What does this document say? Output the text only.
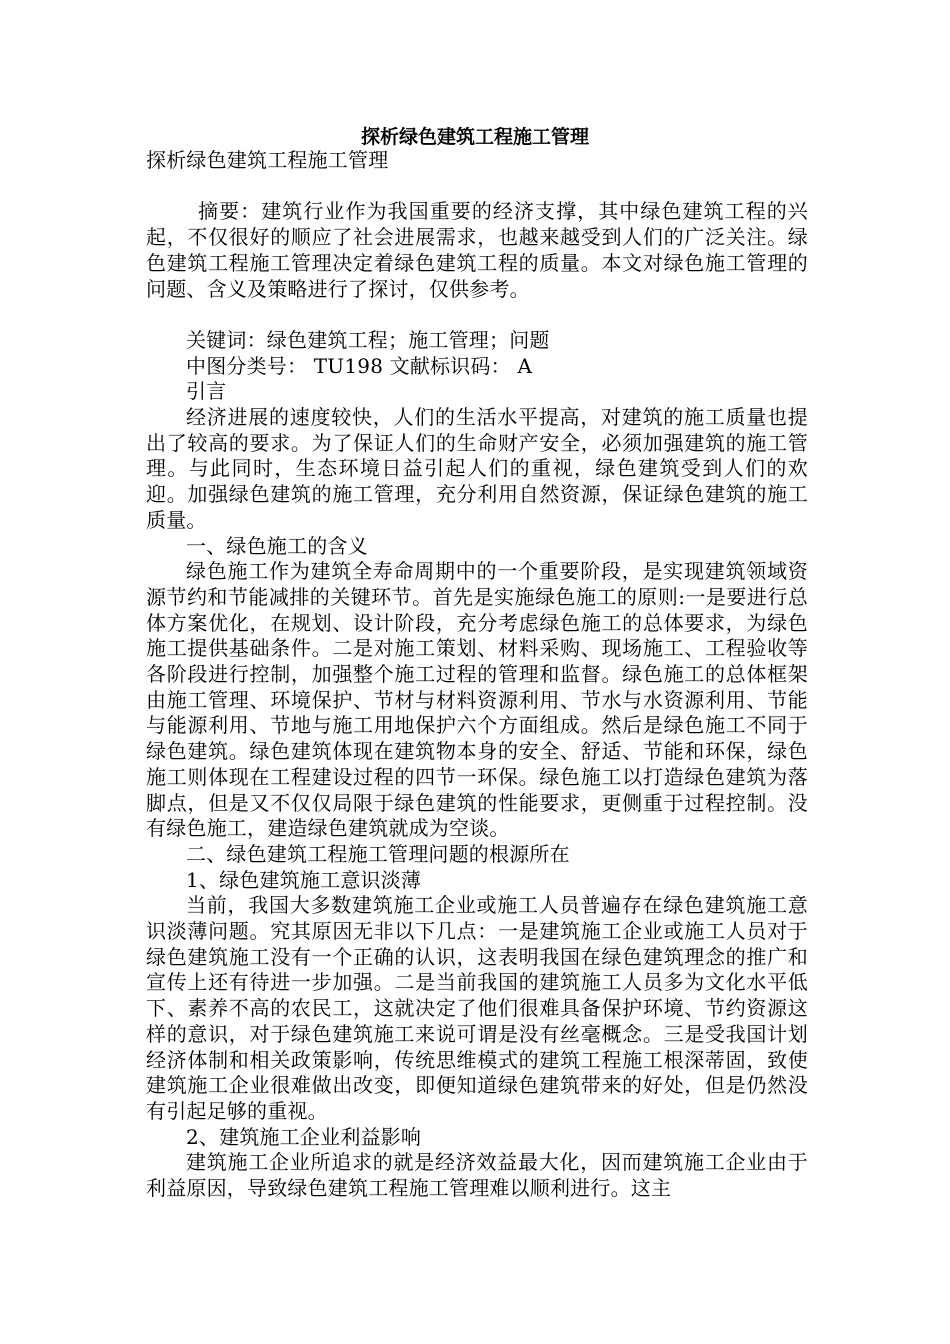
探析绿色建筑工程施工管理

探析绿色建筑工程施工管理

摘要：建筑行业作为我国重要的经济支撑，其中绿色建筑工程的兴起，不仅很好的顺应了社会进展需求，也越来越受到人们的广泛关注。绿色建筑工程施工管理决定着绿色建筑工程的质量。本文对绿色施工管理的问题、含义及策略进行了探讨，仅供参考。

关键词：绿色建筑工程；施工管理；问题

中图分类号： TU198 文献标识码： A

引言

经济进展的速度较快，人们的生活水平提高，对建筑的施工质量也提出了较高的要求。为了保证人们的生命财产安全，必须加强建筑的施工管理。与此同时，生态环境日益引起人们的重视，绿色建筑受到人们的欢迎。加强绿色建筑的施工管理，充分利用自然资源，保证绿色建筑的施工质量。

一、绿色施工的含义

绿色施工作为建筑全寿命周期中的一个重要阶段，是实现建筑领域资源节约和节能减排的关键环节。首先是实施绿色施工的原则:一是要进行总体方案优化，在规划、设计阶段，充分考虑绿色施工的总体要求，为绿色施工提供基础条件。二是对施工策划、材料采购、现场施工、工程验收等各阶段进行控制，加强整个施工过程的管理和监督。绿色施工的总体框架由施工管理、环境保护、节材与材料资源利用、节水与水资源利用、节能与能源利用、节地与施工用地保护六个方面组成。然后是绿色施工不同于绿色建筑。绿色建筑体现在建筑物本身的安全、舒适、节能和环保，绿色施工则体现在工程建设过程的四节一环保。绿色施工以打造绿色建筑为落脚点，但是又不仅仅局限于绿色建筑的性能要求，更侧重于过程控制。没有绿色施工，建造绿色建筑就成为空谈。

二、绿色建筑工程施工管理问题的根源所在

1、绿色建筑施工意识淡薄

当前，我国大多数建筑施工企业或施工人员普遍存在绿色建筑施工意识淡薄问题。究其原因无非以下几点：一是建筑施工企业或施工人员对于绿色建筑施工没有一个正确的认识，这表明我国在绿色建筑理念的推广和宣传上还有待进一步加强。二是当前我国的建筑施工人员多为文化水平低下、素养不高的农民工，这就决定了他们很难具备保护环境、节约资源这样的意识，对于绿色建筑施工来说可谓是没有丝毫概念。三是受我国计划经济体制和相关政策影响，传统思维模式的建筑工程施工根深蒂固，致使建筑施工企业很难做出改变，即便知道绿色建筑带来的好处，但是仍然没有引起足够的重视。

2、建筑施工企业利益影响

建筑施工企业所追求的就是经济效益最大化，因而建筑施工企业由于利益原因，导致绿色建筑工程施工管理难以顺利进行。这主
